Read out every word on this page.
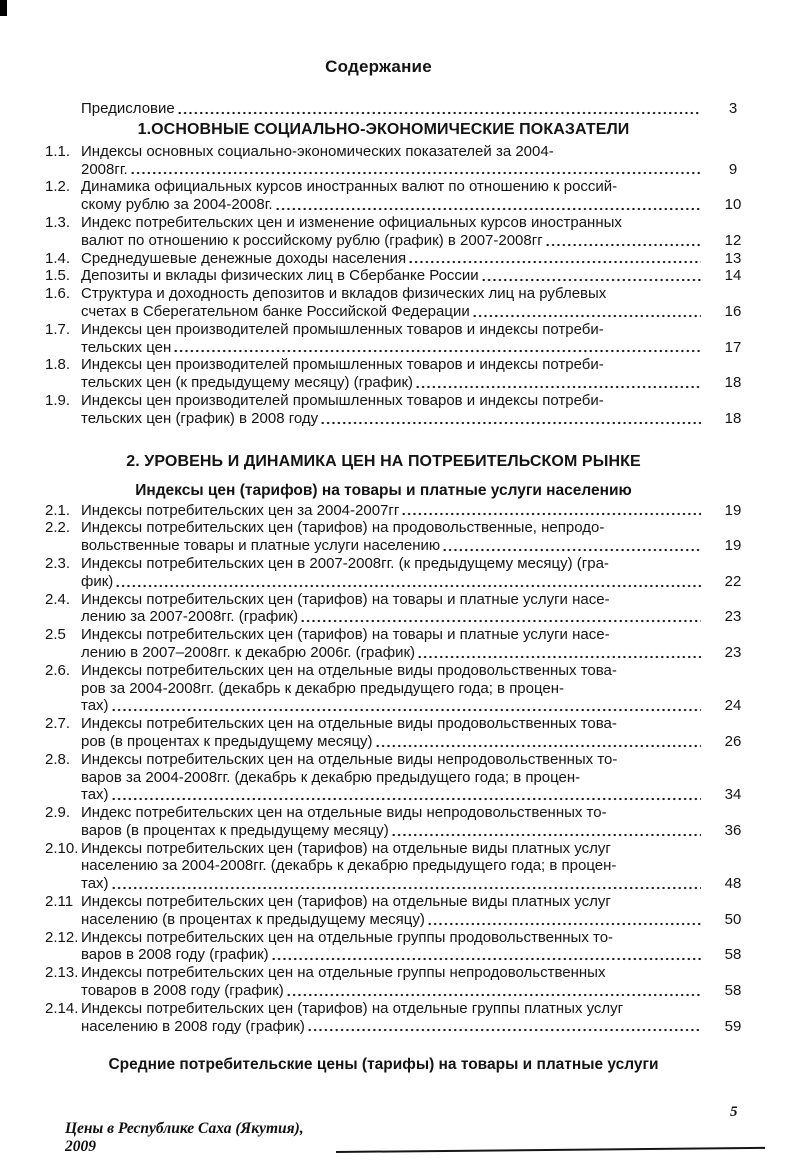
Содержание
Предисловие	3
1.ОСНОВНЫЕ СОЦИАЛЬНО-ЭКОНОМИЧЕСКИЕ ПОКАЗАТЕЛИ
1.1. Индексы основных социально-экономических показателей за 2004-
2008гг.	9
1.2. Динамика официальных курсов иностранных валют по отношению к россий-
скому рублю за 2004-2008г.	10
1.3. Индекс потребительских цен и изменение официальных курсов иностранных
валют по отношению к российскому рублю (график) в 2007-2008гг	12
1.4. Среднедушевые денежные доходы населения	13
1.5. Депозиты и вклады физических лиц в Сбербанке России	14
1.6. Структура и доходность депозитов и вкладов физических лиц на рублевых
счетах в Сберегательном банке Российской Федерации	16
1.7. Индексы цен производителей промышленных товаров и индексы потреби-
тельских цен	17
1.8. Индексы цен производителей промышленных товаров и индексы потреби-
тельских цен (к предыдущему месяцу) (график)	18
1.9. Индексы цен производителей промышленных товаров и индексы потреби-
тельских цен (график) в 2008 году	18
2. УРОВЕНЬ И ДИНАМИКА ЦЕН НА ПОТРЕБИТЕЛЬСКОМ РЫНКЕ
Индексы цен (тарифов) на товары и платные услуги населению
2.1. Индексы потребительских цен за 2004-2007гг	19
2.2. Индексы потребительских цен (тарифов) на продовольственные, непродо-
вольственные товары и платные услуги населению	19
2.3. Индексы потребительских цен в 2007-2008гг. (к предыдущему месяцу) (гра-
фик)	22
2.4. Индексы потребительских цен (тарифов) на товары и платные услуги насе-
лению за 2007-2008гг. (график)	23
2.5	Индексы потребительских цен (тарифов) на товары и платные услуги насе-
лению в 2007–2008гг. к декабрю 2006г. (график)	23
2.6. Индексы потребительских цен на отдельные виды продовольственных това-
ров за 2004-2008гг. (декабрь к декабрю предыдущего года; в процен-
тах)	24
2.7. Индексы потребительских цен на отдельные виды продовольственных това-
ров (в процентах к предыдущему месяцу)	26
2.8. Индексы потребительских цен на отдельные виды непродовольственных то-
варов за 2004-2008гг. (декабрь к декабрю предыдущего года; в процен-
тах)	34
2.9. Индекс потребительских цен на отдельные виды непродовольственных то-
варов (в процентах к предыдущему месяцу)	36
2.10. Индексы потребительских цен (тарифов) на отдельные виды платных услуг
населению за 2004-2008гг. (декабрь к декабрю предыдущего года; в процен-
тах)	48
2.11 Индексы потребительских цен (тарифов) на отдельные виды платных услуг
населению (в процентах к предыдущему месяцу)	50
2.12. Индексы потребительских цен на отдельные группы продовольственных то-
варов в 2008 году (график)	58
2.13. Индексы потребительских цен на отдельные группы непродовольственных
товаров в 2008 году (график)	58
2.14. Индексы потребительских цен (тарифов) на отдельные группы платных услуг
населению в 2008 году (график)	59
Средние потребительские цены (тарифы) на товары и платные услуги
Цены в Республике Саха (Якутия), 2009
5
